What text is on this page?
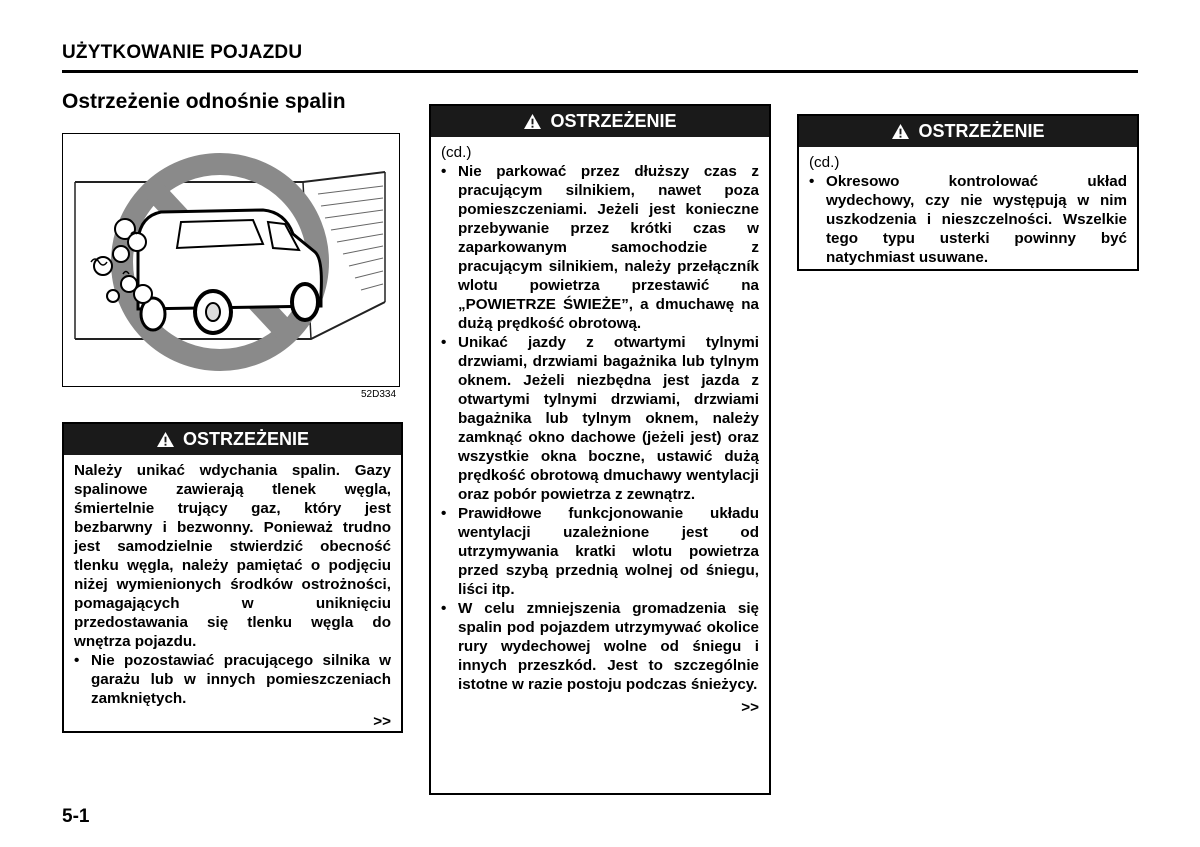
UŻYTKOWANIE POJAZDU
Ostrzeżenie odnośnie spalin
52D334
OSTRZEŻENIE

Należy unikać wdychania spalin. Gazy spalinowe zawierają tlenek węgla, śmiertelnie trujący gaz, który jest bezbarwny i bezwonny. Ponieważ trudno jest samodzielnie stwierdzić obecność tlenku węgla, należy pamiętać o podjęciu niżej wymienionych środków ostrożności, pomagających w uniknięciu przedostawania się tlenku węgla do wnętrza pojazdu.

• Nie pozostawiać pracującego silnika w garażu lub w innych pomieszczeniach zamkniętych.
>>
OSTRZEŻENIE
(cd.)
• Nie parkować przez dłuższy czas z pracującym silnikiem, nawet poza pomieszczeniami. Jeżeli jest konieczne przebywanie przez krótki czas w zaparkowanym samochodzie z pracującym silnikiem, należy przełączník wlotu powietrza przestawić na „POWIETRZE ŚWIEŻE”, a dmuchawę na dużą prędkość obrotową.
• Unikać jazdy z otwartymi tylnymi drzwiami, drzwiami bagażnika lub tylnym oknem. Jeżeli niezbędna jest jazda z otwartymi tylnymi drzwiami, drzwiami bagażnika lub tylnym oknem, należy zamknąć okno dachowe (jeżeli jest) oraz wszystkie okna boczne, ustawić dużą prędkość obrotową dmuchawy wentylacji oraz pobór powietrza z zewnątrz.
• Prawidłowe funkcjonowanie układu wentylacji uzależnione jest od utrzymywania kratki wlotu powietrza przed szybą przednią wolnej od śniegu, liści itp.
• W celu zmniejszenia gromadzenia się spalin pod pojazdem utrzymywać okolice rury wydechowej wolne od śniegu i innych przeszkód. Jest to szczególnie istotne w razie postoju podczas śnieżycy.
>>
OSTRZEŻENIE
(cd.)
• Okresowo kontrolować układ wydechowy, czy nie występują w nim uszkodzenia i nieszczelności. Wszelkie tego typu usterki powinny być natychmiast usuwane.
5-1
